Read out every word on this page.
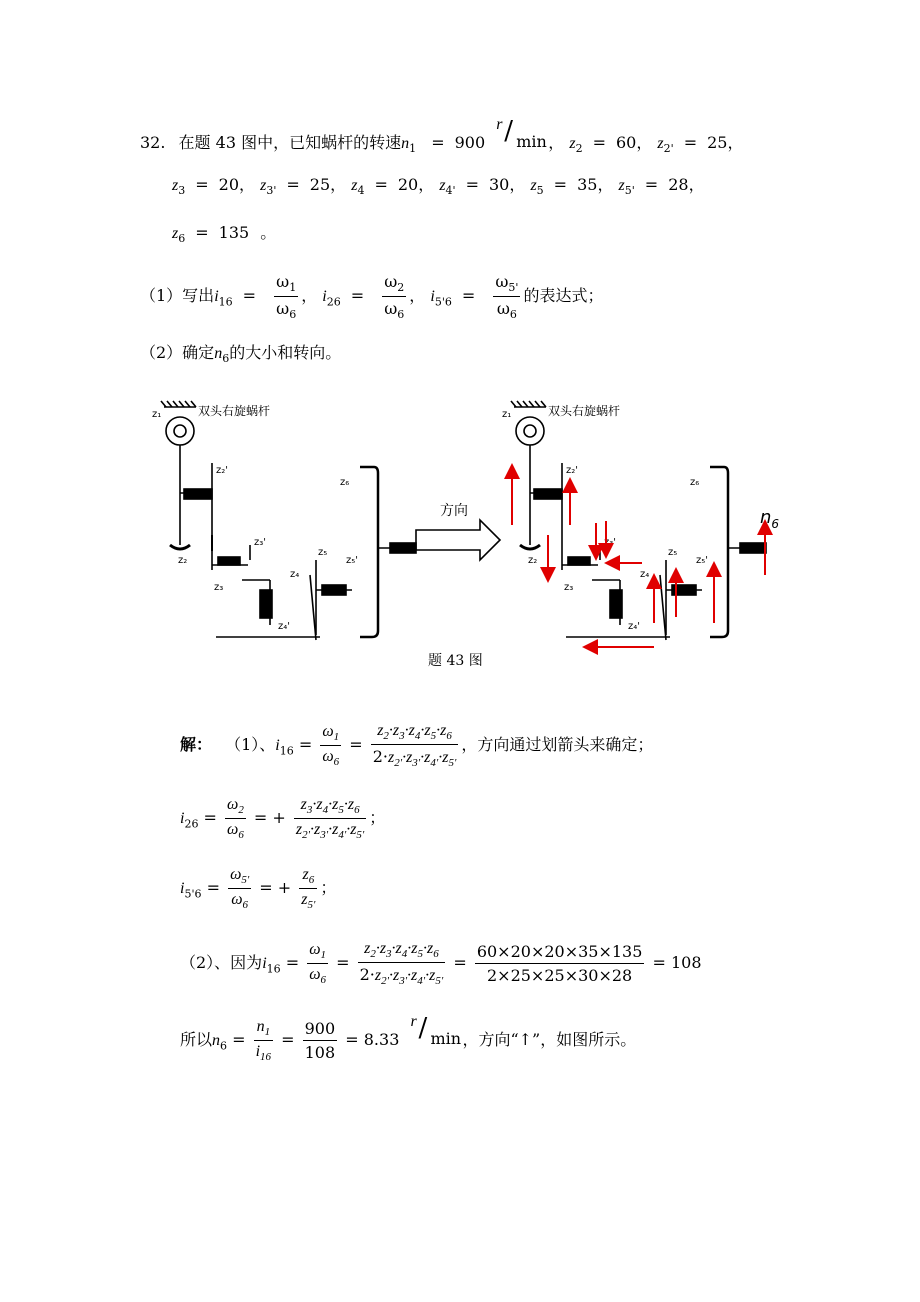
32. 在题 43 图中，已知蜗杆的转速$n_1 = 900$
r / min ， $z_2 = 60$， $z_{2'} = 25$，
$z_3 = 20$， $z_{3'} = 25$， $z_4 = 20$， $z_{4'} = 30$， $z_5 = 35$， $z_{5'} = 28$，
$z_6 = 135$ 。
（1）写出$i_{16} = \frac{\omega_1}{\omega_6}$ ， $i_{26} = \frac{\omega_2}{\omega_6}$ ， $i_{5'6} = \frac{\omega_{5'}}{\omega_6}$ 的表达式；
（2）确定$n_6$的大小和转向。
z₁	双头右旋蜗杆
z₂'
z₂
z₃'
z₃
z₄
z₄'
z₅
z₅'
z₆
方向
z₁	双头右旋蜗杆
z₂'
z₂
z₃'
z₃
z₄
z₄'
z₅
z₅'
z₆
$n_6$
题 43 图
解： （1）、$i_{16} = \frac{\omega_1}{\omega_6} = \frac{z_2\cdot z_3\cdot z_4\cdot z_5\cdot z_6}{2\cdot z_{2'}\cdot z_{3'}\cdot z_{4'}\cdot z_{5'}}$ ，方向通过划箭头来确定；
$i_{26} = \frac{\omega_2}{\omega_6}$ = + $\frac{z_3\cdot z_4\cdot z_5\cdot z_6}{z_{2'}\cdot z_{3'}\cdot z_{4'}\cdot z_{5'}}$ ；
$i_{5'6} = \frac{\omega_{5'}}{\omega_6}$ = + $\frac{z_6}{z_{5'}}$ ；
（2）、因为$i_{16} = \frac{\omega_1}{\omega_6} = \frac{z_2\cdot z_3\cdot z_4\cdot z_5\cdot z_6}{2\cdot z_{2'}\cdot z_{3'}\cdot z_{4'}\cdot z_{5'}} = \frac{60\times 20\times 20\times 35\times 135}{2\times 25\times 25\times 30\times 28} = 108$
所以$n_6 = \frac{n_1}{i_{16}} = \frac{900}{108} = 8.33$
r / min ，方向“↑”，如图所示。
